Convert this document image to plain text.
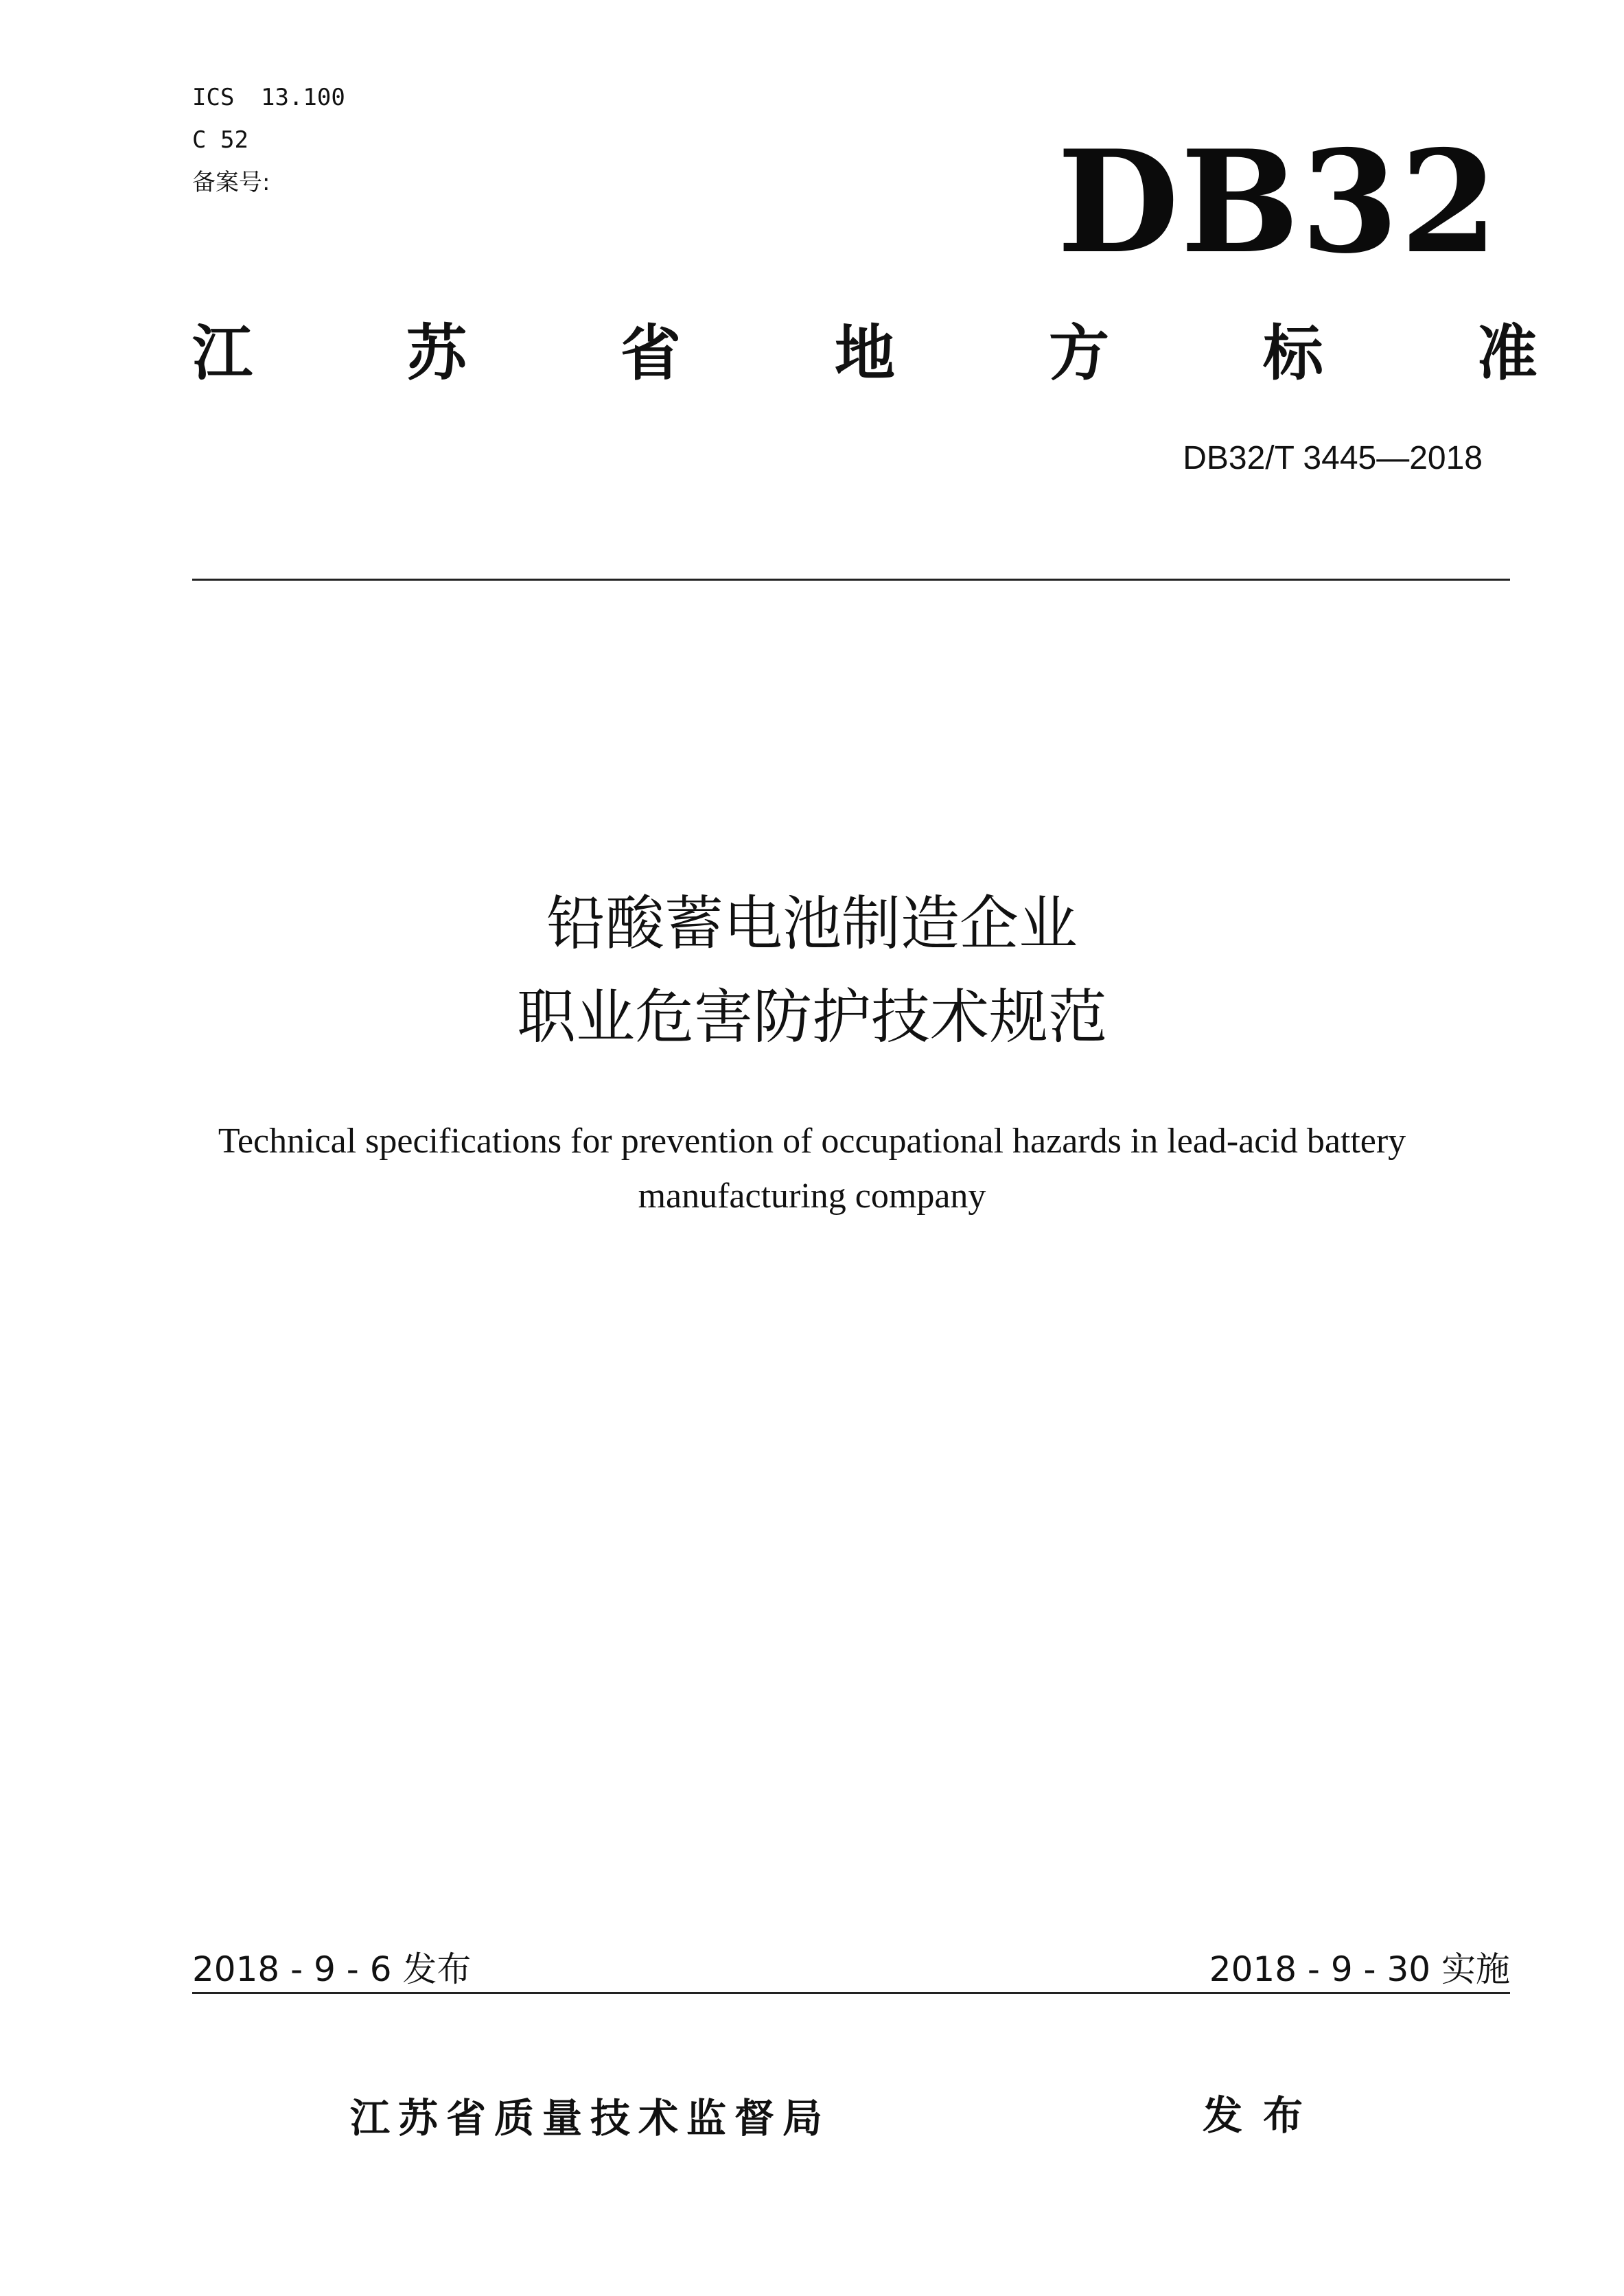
ICS 13.100
C 52
备案号:	DB32
江	苏	省	地	方	标	准
DB32/T 3445—2018
铅酸蓄电池制造企业
职业危害防护技术规范
Technical specifications for prevention of occupational hazards in lead-acid battery
manufacturing company
2018 - 9 - 6 发布	2018 - 9 - 30 实施
江苏省质量技术监督局	发布
